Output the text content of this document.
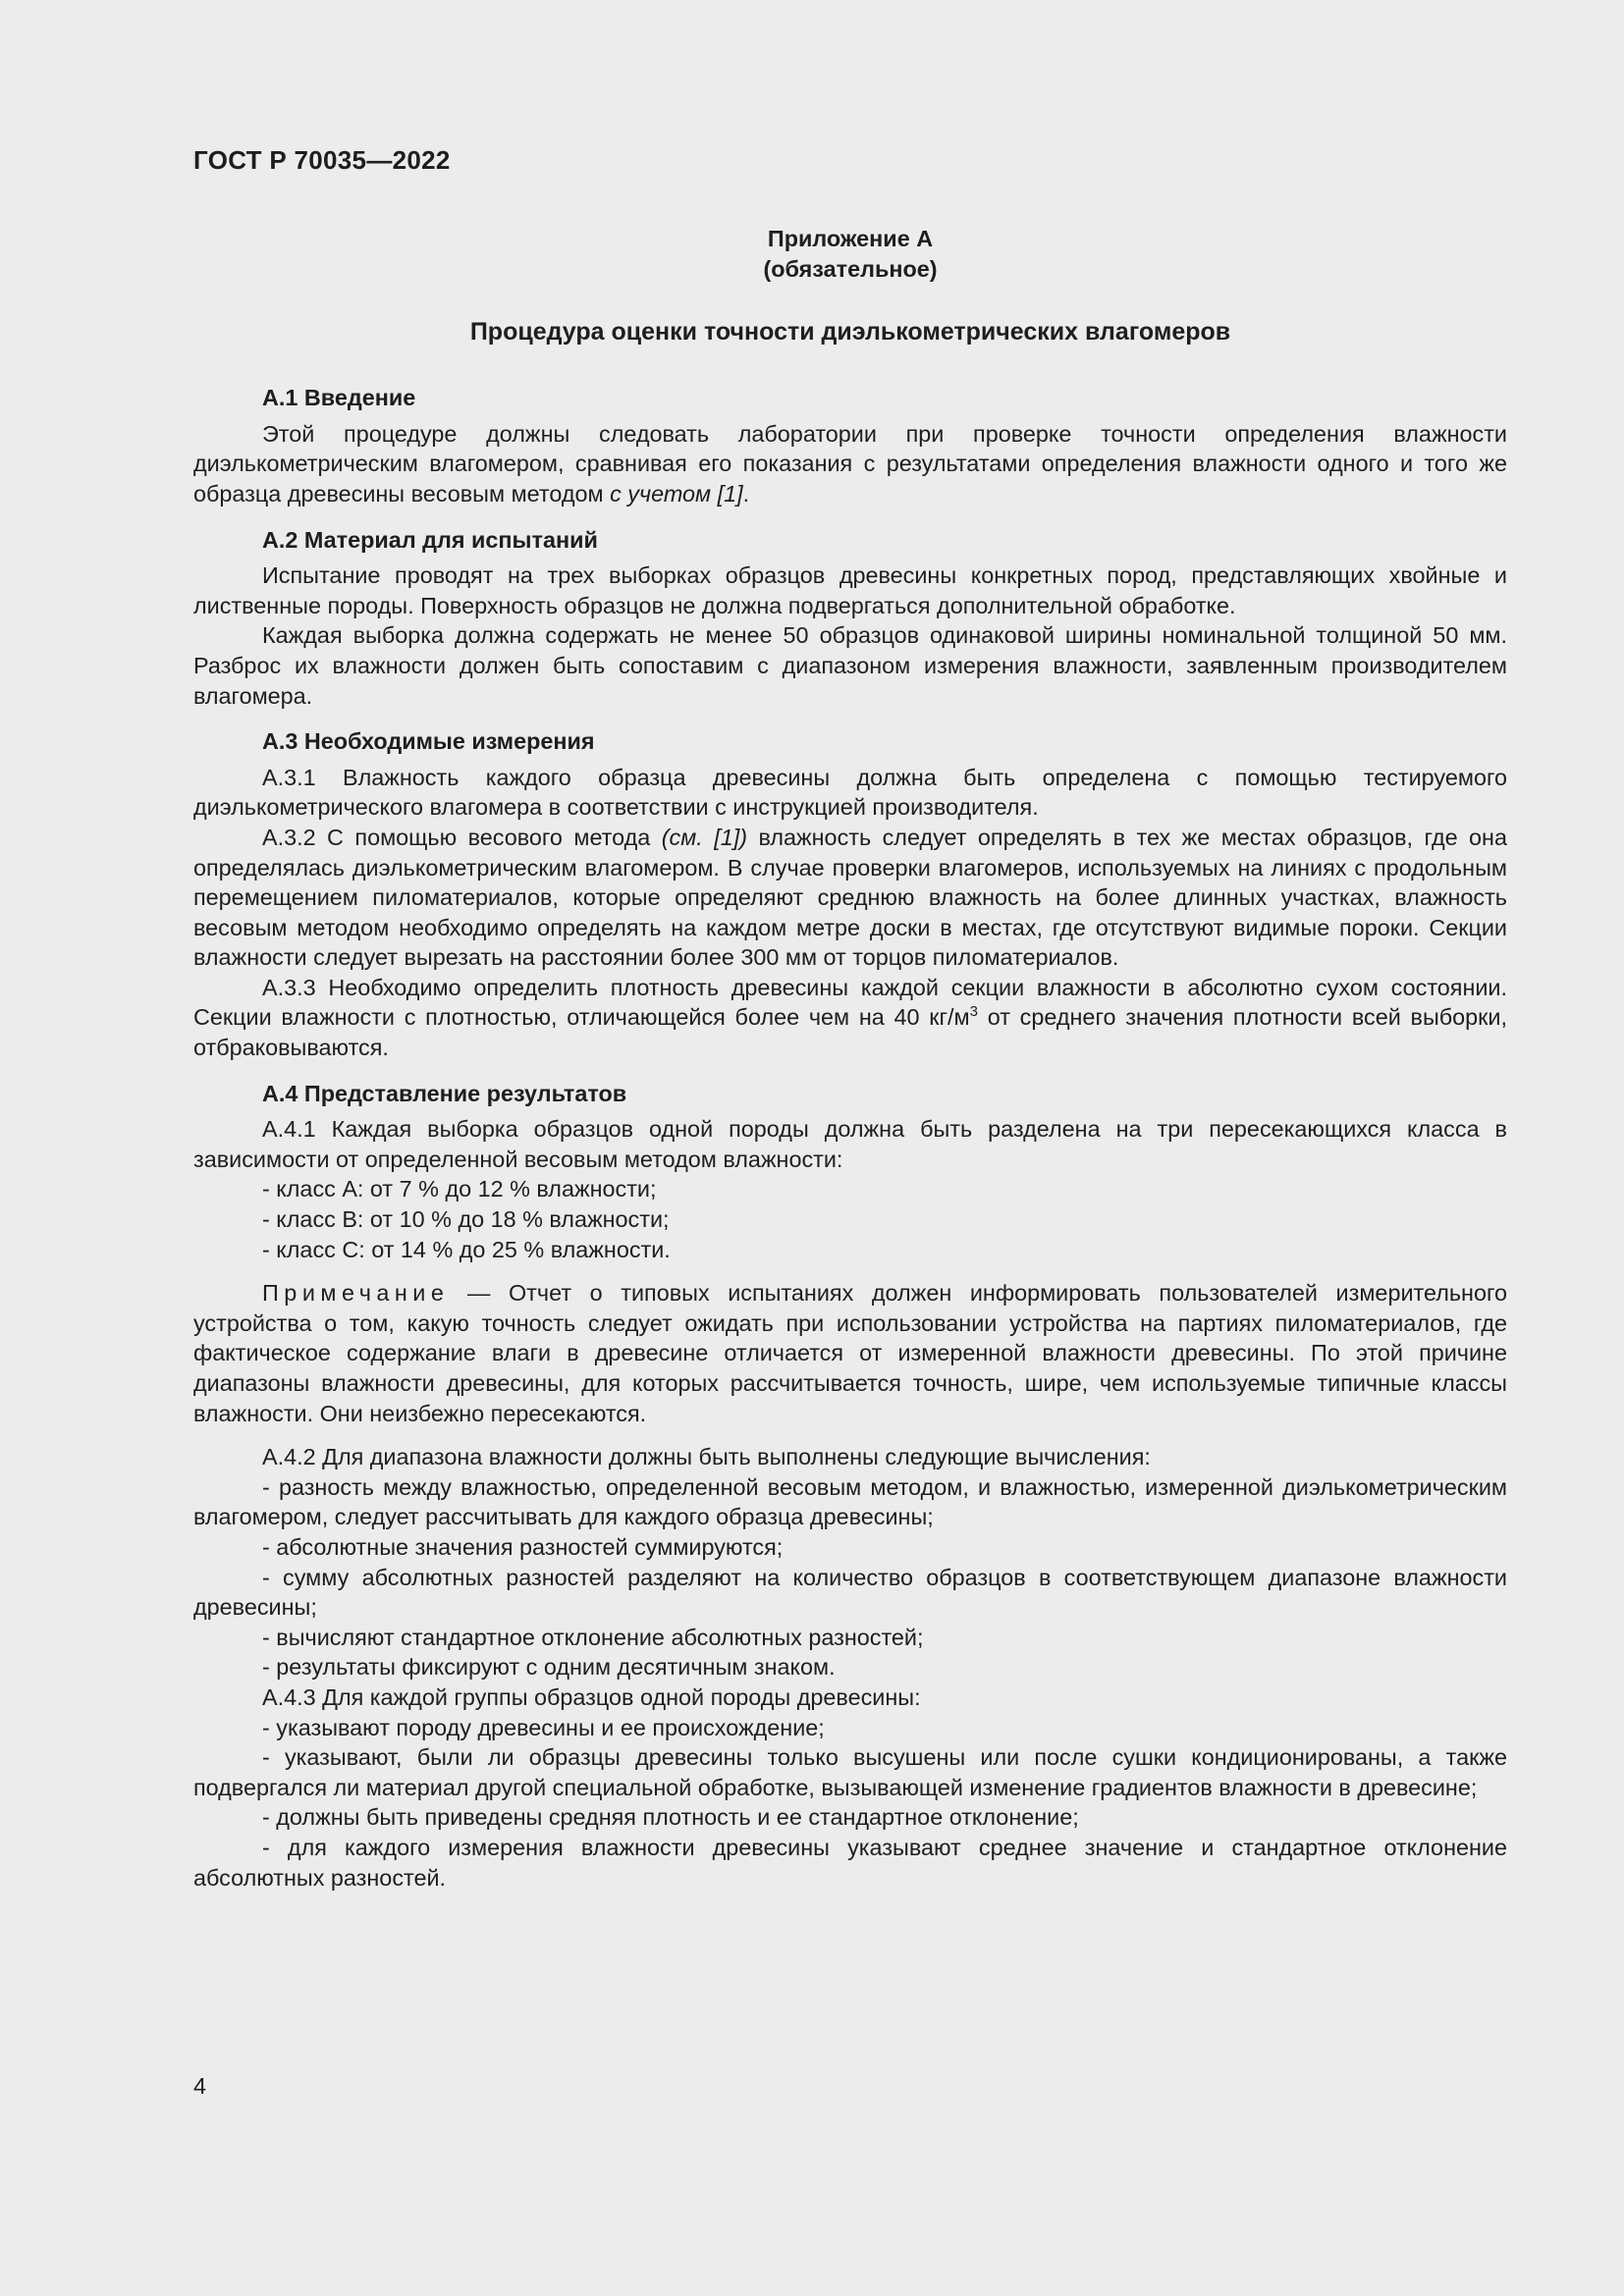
ГОСТ Р 70035—2022
Приложение А
(обязательное)
Процедура оценки точности диэлькометрических влагомеров
А.1 Введение

Этой процедуре должны следовать лаборатории при проверке точности определения влажности диэлькометрическим влагомером, сравнивая его показания с результатами определения влажности одного и того же образца древесины весовым методом с учетом [1].

А.2 Материал для испытаний

Испытание проводят на трех выборках образцов древесины конкретных пород, представляющих хвойные и лиственные породы. Поверхность образцов не должна подвергаться дополнительной обработке.

Каждая выборка должна содержать не менее 50 образцов одинаковой ширины номинальной толщиной 50 мм. Разброс их влажности должен быть сопоставим с диапазоном измерения влажности, заявленным производителем влагомера.

А.3 Необходимые измерения

А.3.1 Влажность каждого образца древесины должна быть определена с помощью тестируемого диэлькометрического влагомера в соответствии с инструкцией производителя.

А.3.2 С помощью весового метода (см. [1]) влажность следует определять в тех же местах образцов, где она определялась диэлькометрическим влагомером. В случае проверки влагомеров, используемых на линиях с продольным перемещением пиломатериалов, которые определяют среднюю влажность на более длинных участках, влажность весовым методом необходимо определять на каждом метре доски в местах, где отсутствуют видимые пороки. Секции влажности следует вырезать на расстоянии более 300 мм от торцов пиломатериалов.

А.3.3 Необходимо определить плотность древесины каждой секции влажности в абсолютно сухом состоянии. Секции влажности с плотностью, отличающейся более чем на 40 $кг/м^3$ от среднего значения плотности всей выборки, отбраковываются.

А.4 Представление результатов

А.4.1 Каждая выборка образцов одной породы должна быть разделена на три пересекающихся класса в зависимости от определенной весовым методом влажности:

- класс А: от 7 % до 12 % влажности;
- класс В: от 10 % до 18 % влажности;
- класс С: от 14 % до 25 % влажности.

Примечание — Отчет о типовых испытаниях должен информировать пользователей измерительного устройства о том, какую точность следует ожидать при использовании устройства на партиях пиломатериалов, где фактическое содержание влаги в древесине отличается от измеренной влажности древесины. По этой причине диапазоны влажности древесины, для которых рассчитывается точность, шире, чем используемые типичные классы влажности. Они неизбежно пересекаются.

А.4.2 Для диапазона влажности должны быть выполнены следующие вычисления:

- разность между влажностью, определенной весовым методом, и влажностью, измеренной диэлькометрическим влагомером, следует рассчитывать для каждого образца древесины;

- абсолютные значения разностей суммируются;

- сумму абсолютных разностей разделяют на количество образцов в соответствующем диапазоне влажности древесины;

- вычисляют стандартное отклонение абсолютных разностей;

- результаты фиксируют с одним десятичным знаком.

А.4.3 Для каждой группы образцов одной породы древесины:

- указывают породу древесины и ее происхождение;

- указывают, были ли образцы древесины только высушены или после сушки кондиционированы, а также подвергался ли материал другой специальной обработке, вызывающей изменение градиентов влажности в древесине;

- должны быть приведены средняя плотность и ее стандартное отклонение;

- для каждого измерения влажности древесины указывают среднее значение и стандартное отклонение абсолютных разностей.

4
